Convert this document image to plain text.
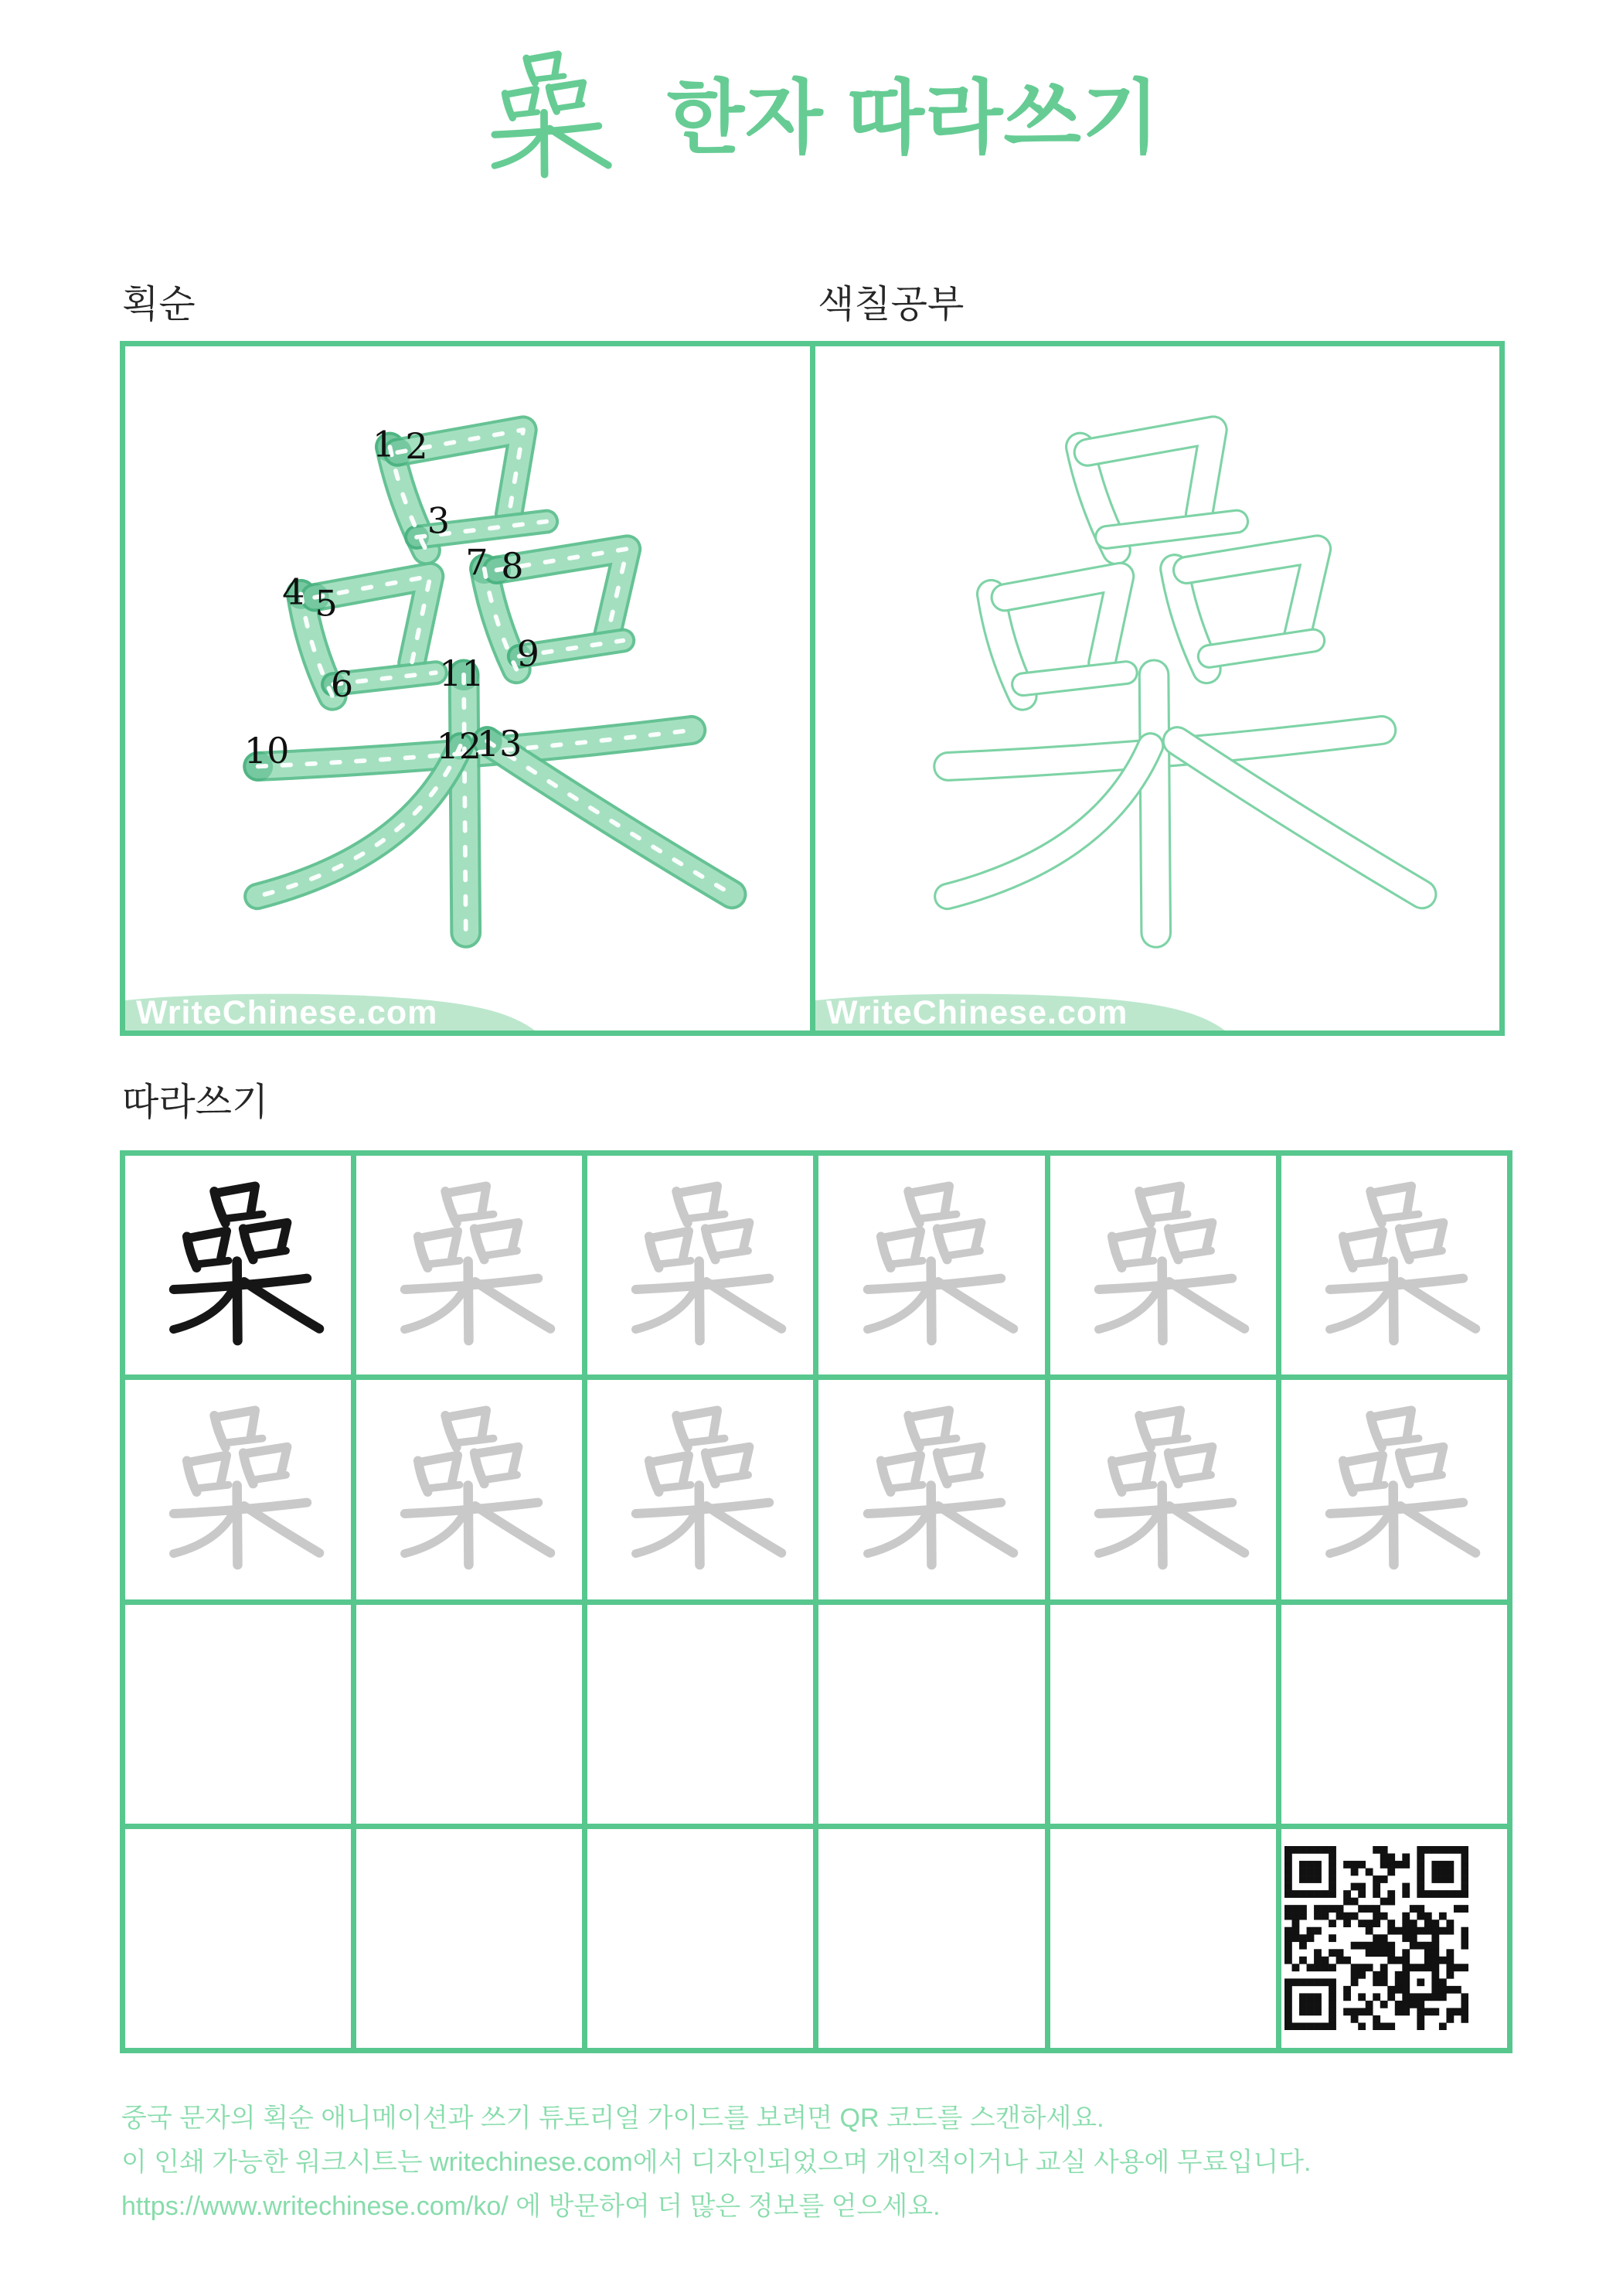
한자 따라쓰기
획순	색칠공부
1 2
3
4 5
6
7 8
9
10
11
12
13
WriteChinese.com	WriteChinese.com
따라쓰기
중국 문자의 획순 애니메이션과 쓰기 튜토리얼 가이드를 보려면 QR 코드를 스캔하세요.
이 인쇄 가능한 워크시트는 writechinese.com에서 디자인되었으며 개인적이거나 교실 사용에 무료입니다.
https://www.writechinese.com/ko/ 에 방문하여 더 많은 정보를 얻으세요.
